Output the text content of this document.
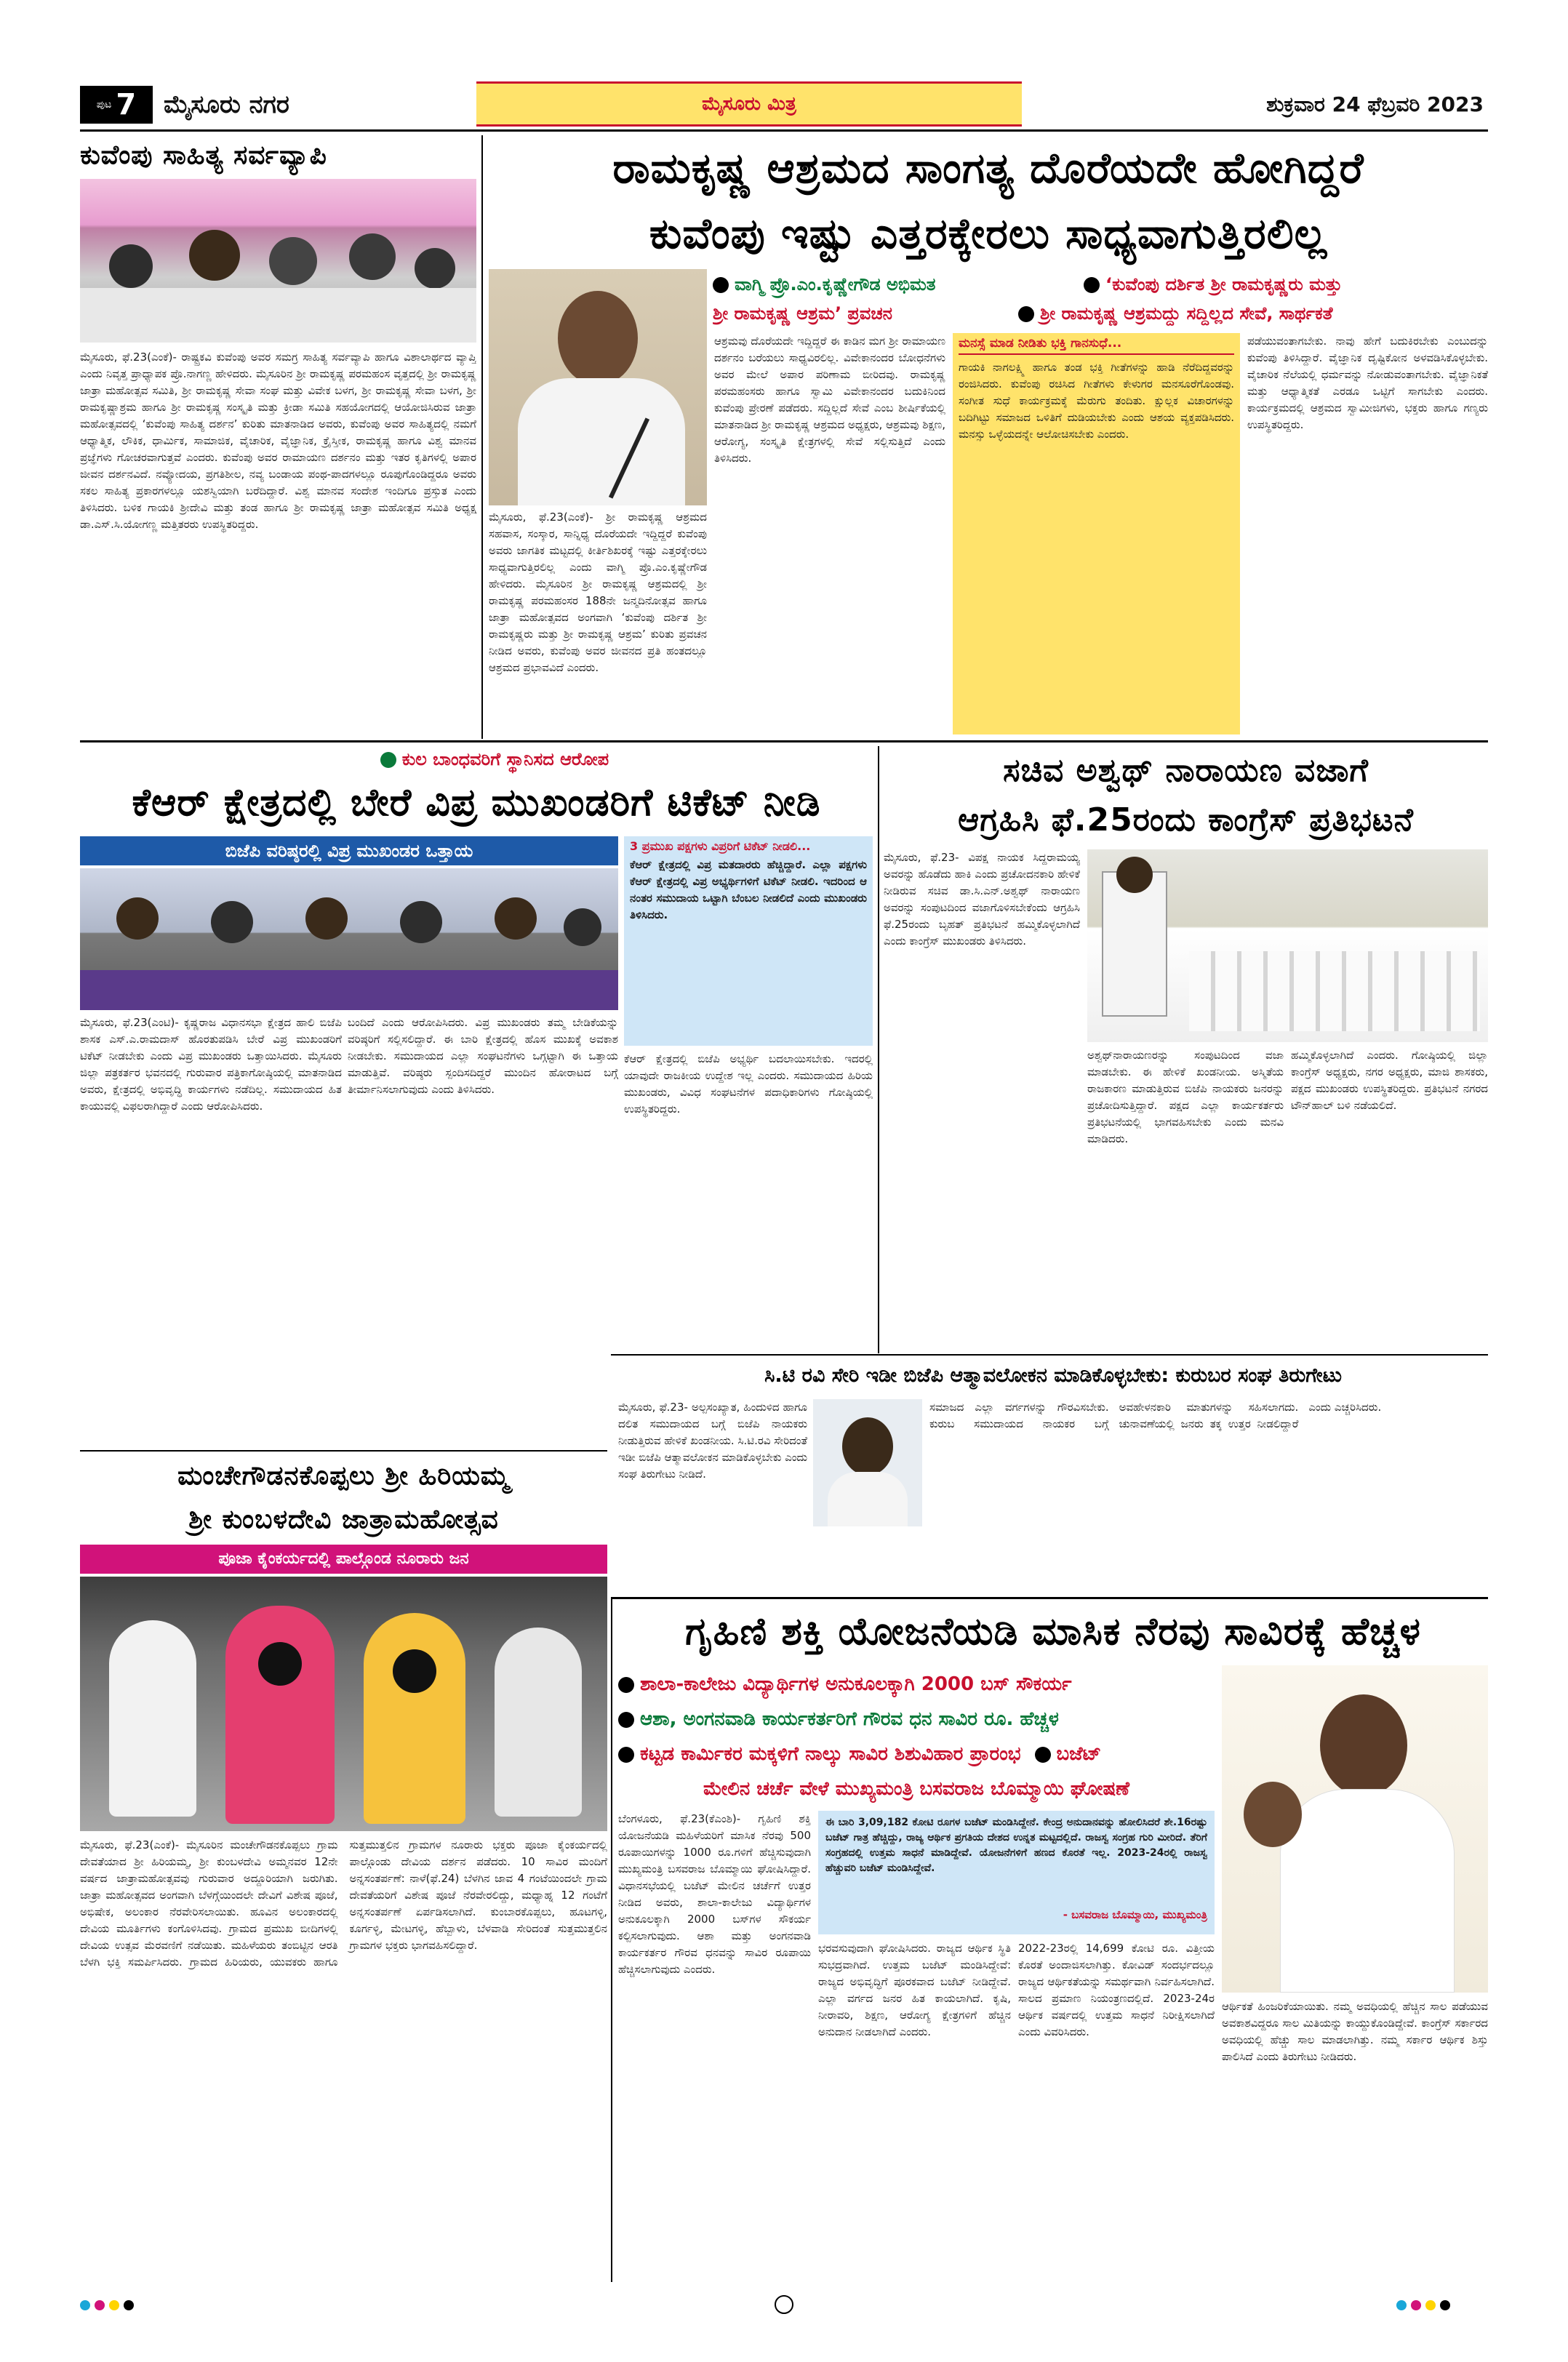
ಪುಟ 7 ಮೈಸೂರು ನಗರ	ಮೈಸೂರು ಮಿತ್ರ	ಶುಕ್ರವಾರ 24 ಫೆಬ್ರವರಿ 2023
ಕುವೆಂಪು ಸಾಹಿತ್ಯ ಸರ್ವವ್ಯಾಪಿ
ಮೈಸೂರು, ಫೆ.23(ಎಂಕೆ)- ರಾಷ್ಟ್ರಕವಿ ಕುವೆಂಪು ಅವರ ಸಮಗ್ರ ಸಾಹಿತ್ಯ ಸರ್ವವ್ಯಾಪಿ ಹಾಗೂ ವಿಶಾಲಾರ್ಥದ ವ್ಯಾಪ್ತಿ ಎಂದು ನಿವೃತ್ತ ಪ್ರಾಧ್ಯಾಪಕ ಪ್ರೊ.ನಾಗಣ್ಣ ಹೇಳಿದರು. ಮೈಸೂರಿನ ಶ್ರೀ ರಾಮಕೃಷ್ಣ ಪರಮಹಂಸ ವೃತ್ತದಲ್ಲಿ ಶ್ರೀ ರಾಮಕೃಷ್ಣ ಜಾತ್ರಾ ಮಹೋತ್ಸವ ಸಮಿತಿ, ಶ್ರೀ ರಾಮಕೃಷ್ಣ ಸೇವಾ ಸಂಘ ಮತ್ತು ವಿವೇಕ ಬಳಗ, ಶ್ರೀ ರಾಮಕೃಷ್ಣ ಸೇವಾ ಬಳಗ, ಶ್ರೀ ರಾಮಕೃಷ್ಣಾಶ್ರಮ ಹಾಗೂ ಶ್ರೀ ರಾಮಕೃಷ್ಣ ಸಂಸ್ಕೃತಿ ಮತ್ತು ಕ್ರೀಡಾ ಸಮಿತಿ ಸಹಯೋಗದಲ್ಲಿ ಆಯೋಜಿಸಿರುವ ಜಾತ್ರಾ ಮಹೋತ್ಸವದಲ್ಲಿ ‘ಕುವೆಂಪು ಸಾಹಿತ್ಯ ದರ್ಶನ’ ಕುರಿತು ಮಾತನಾಡಿದ ಅವರು, ಕುವೆಂಪು ಅವರ ಸಾಹಿತ್ಯದಲ್ಲಿ ನಮಗೆ ಆಧ್ಯಾತ್ಮಿಕ, ಲೌಕಿಕ, ಧಾರ್ಮಿಕ, ಸಾಮಾಜಿಕ, ವೈಚಾರಿಕ, ವೈಜ್ಞಾನಿಕ, ಕ್ರೈಸ್ತೀಕ, ರಾಮಕೃಷ್ಣ ಹಾಗೂ ವಿಶ್ವ ಮಾನವ ಪ್ರಜ್ಞೆಗಳು ಗೋಚರವಾಗುತ್ತವೆ ಎಂದರು. ಕುವೆಂಪು ಅವರ ರಾಮಾಯಣ ದರ್ಶನಂ ಮತ್ತು ಇತರ ಕೃತಿಗಳಲ್ಲಿ ಅಪಾರ ಜೀವನ ದರ್ಶನವಿದೆ. ನವ್ಯೋದಯ, ಪ್ರಗತಿಶೀಲ, ನವ್ಯ ಬಂಡಾಯ ಪಂಥ-ಪಾದಗಳಲ್ಲೂ ರೂಪುಗೊಂಡಿದ್ದರೂ ಅವರು ಸಕಲ ಸಾಹಿತ್ಯ ಪ್ರಕಾರಗಳಲ್ಲೂ ಯಶಸ್ವಿಯಾಗಿ ಬರೆದಿದ್ದಾರೆ. ವಿಶ್ವ ಮಾನವ ಸಂದೇಶ ಇಂದಿಗೂ ಪ್ರಸ್ತುತ ಎಂದು ತಿಳಿಸಿದರು. ಬಳಿಕ ಗಾಯಕಿ ಶ್ರೀದೇವಿ ಮತ್ತು ತಂಡ ಹಾಗೂ ಶ್ರೀ ರಾಮಕೃಷ್ಣ ಜಾತ್ರಾ ಮಹೋತ್ಸವ ಸಮಿತಿ ಅಧ್ಯಕ್ಷ ಡಾ.ಎಸ್.ಸಿ.ಯೋಗಣ್ಣ ಮತ್ತಿತರರು ಉಪಸ್ಥಿತರಿದ್ದರು.
ರಾಮಕೃಷ್ಣ ಆಶ್ರಮದ ಸಾಂಗತ್ಯ ದೊರೆಯದೇ ಹೋಗಿದ್ದರೆ
ಕುವೆಂಪು ಇಷ್ಟು ಎತ್ತರಕ್ಕೇರಲು ಸಾಧ್ಯವಾಗುತ್ತಿರಲಿಲ್ಲ
ವಾಗ್ಮಿ ಪ್ರೊ.ಎಂ.ಕೃಷ್ಣೇಗೌಡ ಅಭಿಮತ	‘ಕುವೆಂಪು ದರ್ಶಿತ ಶ್ರೀ ರಾಮಕೃಷ್ಣರು ಮತ್ತು
ಶ್ರೀ ರಾಮಕೃಷ್ಣ ಆಶ್ರಮ’ ಪ್ರವಚನ	ಶ್ರೀ ರಾಮಕೃಷ್ಣ ಆಶ್ರಮದ್ದು ಸದ್ದಿಲ್ಲದ ಸೇವೆ, ಸಾರ್ಥಕತೆ
ಮೈಸೂರು, ಫೆ.23(ಎಂಕೆ)- ಶ್ರೀ ರಾಮಕೃಷ್ಣ ಆಶ್ರಮದ ಸಹವಾಸ, ಸಂಸ್ಕಾರ, ಸಾನ್ನಿಧ್ಯ ದೊರೆಯದೇ ಇದ್ದಿದ್ದರೆ ಕುವೆಂಪು ಅವರು ಜಾಗತಿಕ ಮಟ್ಟದಲ್ಲಿ ಕೀರ್ತಿಶಿಖರಕ್ಕೆ ಇಷ್ಟು ಎತ್ತರಕ್ಕೇರಲು ಸಾಧ್ಯವಾಗುತ್ತಿರಲಿಲ್ಲ ಎಂದು ವಾಗ್ಮಿ ಪ್ರೊ.ಎಂ.ಕೃಷ್ಣೇಗೌಡ ಹೇಳಿದರು. ಮೈಸೂರಿನ ಶ್ರೀ ರಾಮಕೃಷ್ಣ ಆಶ್ರಮದಲ್ಲಿ ಶ್ರೀ ರಾಮಕೃಷ್ಣ ಪರಮಹಂಸರ 188ನೇ ಜನ್ಮದಿನೋತ್ಸವ ಹಾಗೂ ಜಾತ್ರಾ ಮಹೋತ್ಸವದ ಅಂಗವಾಗಿ ‘ಕುವೆಂಪು ದರ್ಶಿತ ಶ್ರೀ ರಾಮಕೃಷ್ಣರು ಮತ್ತು ಶ್ರೀ ರಾಮಕೃಷ್ಣ ಆಶ್ರಮ’ ಕುರಿತು ಪ್ರವಚನ ನೀಡಿದ ಅವರು, ಕುವೆಂಪು ಅವರ ಜೀವನದ ಪ್ರತಿ ಹಂತದಲ್ಲೂ ಆಶ್ರಮದ ಪ್ರಭಾವವಿದೆ ಎಂದರು.
ಆಶ್ರಮವು ದೊರೆಯದೇ ಇದ್ದಿದ್ದರೆ ಈ ಕಾಡಿನ ಮಗ ಶ್ರೀ ರಾಮಾಯಣ ದರ್ಶನಂ ಬರೆಯಲು ಸಾಧ್ಯವಿರಲಿಲ್ಲ. ವಿವೇಕಾನಂದರ ಬೋಧನೆಗಳು ಅವರ ಮೇಲೆ ಅಪಾರ ಪರಿಣಾಮ ಬೀರಿದವು. ರಾಮಕೃಷ್ಣ ಪರಮಹಂಸರು ಹಾಗೂ ಸ್ವಾಮಿ ವಿವೇಕಾನಂದರ ಬದುಕಿನಿಂದ ಕುವೆಂಪು ಪ್ರೇರಣೆ ಪಡೆದರು. ಸದ್ದಿಲ್ಲದೆ ಸೇವೆ ಎಂಬ ಶೀರ್ಷಿಕೆಯಲ್ಲಿ ಮಾತನಾಡಿದ ಶ್ರೀ ರಾಮಕೃಷ್ಣ ಆಶ್ರಮದ ಅಧ್ಯಕ್ಷರು, ಆಶ್ರಮವು ಶಿಕ್ಷಣ, ಆರೋಗ್ಯ, ಸಂಸ್ಕೃತಿ ಕ್ಷೇತ್ರಗಳಲ್ಲಿ ಸೇವೆ ಸಲ್ಲಿಸುತ್ತಿದೆ ಎಂದು ತಿಳಿಸಿದರು.
ಮನಸ್ಸೆ ಮಾಡ ನೀಡಿತು ಭಕ್ತಿ ಗಾನಸುಧೆ...
ಗಾಯಕಿ ನಾಗಲಕ್ಷ್ಮಿ ಹಾಗೂ ತಂಡ ಭಕ್ತಿ ಗೀತೆಗಳನ್ನು ಹಾಡಿ ನೆರೆದಿದ್ದವರನ್ನು ರಂಜಿಸಿದರು. ಕುವೆಂಪು ರಚಿಸಿದ ಗೀತೆಗಳು ಕೇಳುಗರ ಮನಸೂರೆಗೊಂಡವು. ಸಂಗೀತ ಸುಧೆ ಕಾರ್ಯಕ್ರಮಕ್ಕೆ ಮೆರುಗು ತಂದಿತು. ಕ್ಷುಲ್ಲಕ ವಿಚಾರಗಳನ್ನು ಬದಿಗಿಟ್ಟು ಸಮಾಜದ ಒಳಿತಿಗೆ ದುಡಿಯಬೇಕು ಎಂದು ಆಶಯ ವ್ಯಕ್ತಪಡಿಸಿದರು. ಮನಸ್ಸು ಒಳ್ಳೆಯದನ್ನೇ ಆಲೋಚಿಸಬೇಕು ಎಂದರು.
ಪಡೆಯುವಂತಾಗಬೇಕು. ನಾವು ಹೇಗೆ ಬದುಕಿರಬೇಕು ಎಂಬುದನ್ನು ಕುವೆಂಪು ತಿಳಿಸಿದ್ದಾರೆ. ವೈಜ್ಞಾನಿಕ ದೃಷ್ಟಿಕೋನ ಅಳವಡಿಸಿಕೊಳ್ಳಬೇಕು. ವೈಚಾರಿಕ ನೆಲೆಯಲ್ಲಿ ಧರ್ಮವನ್ನು ನೋಡುವಂತಾಗಬೇಕು. ವೈಜ್ಞಾನಿಕತೆ ಮತ್ತು ಆಧ್ಯಾತ್ಮಿಕತೆ ಎರಡೂ ಒಟ್ಟಿಗೆ ಸಾಗಬೇಕು ಎಂದರು. ಕಾರ್ಯಕ್ರಮದಲ್ಲಿ ಆಶ್ರಮದ ಸ್ವಾಮೀಜಿಗಳು, ಭಕ್ತರು ಹಾಗೂ ಗಣ್ಯರು ಉಪಸ್ಥಿತರಿದ್ದರು.
ಕುಲ ಬಾಂಧವರಿಗೆ ಸ್ಥಾನಿಸದ ಆರೋಪ
ಕೆಆರ್ ಕ್ಷೇತ್ರದಲ್ಲಿ ಬೇರೆ ವಿಪ್ರ ಮುಖಂಡರಿಗೆ ಟಿಕೆಟ್ ನೀಡಿ
ಬಿಜೆಪಿ ವರಿಷ್ಠರಲ್ಲಿ ವಿಪ್ರ ಮುಖಂಡರ ಒತ್ತಾಯ	3 ಪ್ರಮುಖ ಪಕ್ಷಗಳು ವಿಪ್ರರಿಗೆ ಟಿಕೆಟ್ ನೀಡಲಿ...
ಕೆಆರ್ ಕ್ಷೇತ್ರದಲ್ಲಿ ವಿಪ್ರ ಮತದಾರರು ಹೆಚ್ಚಿದ್ದಾರೆ. ಎಲ್ಲಾ ಪಕ್ಷಗಳು ಕೆಆರ್ ಕ್ಷೇತ್ರದಲ್ಲಿ ವಿಪ್ರ ಅಭ್ಯರ್ಥಿಗಳಿಗೆ ಟಿಕೆಟ್ ನೀಡಲಿ. ಇದರಿಂದ ಆ ನಂತರ ಸಮುದಾಯ ಒಟ್ಟಾಗಿ ಬೆಂಬಲ ನೀಡಲಿದೆ ಎಂದು ಮುಖಂಡರು ತಿಳಿಸಿದರು.
ಮೈಸೂರು, ಫೆ.23(ಎಂಟಿ)- ಕೃಷ್ಣರಾಜ ವಿಧಾನಸಭಾ ಕ್ಷೇತ್ರದ ಹಾಲಿ ಬಿಜೆಪಿ ಶಾಸಕ ಎಸ್.ಎ.ರಾಮದಾಸ್ ಹೊರತುಪಡಿಸಿ ಬೇರೆ ವಿಪ್ರ ಮುಖಂಡರಿಗೆ ಟಿಕೆಟ್ ನೀಡಬೇಕು ಎಂದು ವಿಪ್ರ ಮುಖಂಡರು ಒತ್ತಾಯಿಸಿದರು. ಮೈಸೂರು ಜಿಲ್ಲಾ ಪತ್ರಕರ್ತರ ಭವನದಲ್ಲಿ ಗುರುವಾರ ಪತ್ರಿಕಾಗೋಷ್ಠಿಯಲ್ಲಿ ಮಾತನಾಡಿದ ಅವರು, ಕ್ಷೇತ್ರದಲ್ಲಿ ಅಭಿವೃದ್ಧಿ ಕಾರ್ಯಗಳು ನಡೆದಿಲ್ಲ. ಸಮುದಾಯದ ಹಿತ ಕಾಯುವಲ್ಲಿ ವಿಫಲರಾಗಿದ್ದಾರೆ ಎಂದು ಆರೋಪಿಸಿದರು.
ಬಂದಿದೆ ಎಂದು ಆರೋಪಿಸಿದರು. ವಿಪ್ರ ಮುಖಂಡರು ತಮ್ಮ ಬೇಡಿಕೆಯನ್ನು ವರಿಷ್ಠರಿಗೆ ಸಲ್ಲಿಸಲಿದ್ದಾರೆ. ಈ ಬಾರಿ ಕ್ಷೇತ್ರದಲ್ಲಿ ಹೊಸ ಮುಖಕ್ಕೆ ಅವಕಾಶ ನೀಡಬೇಕು. ಸಮುದಾಯದ ಎಲ್ಲಾ ಸಂಘಟನೆಗಳು ಒಗ್ಗಟ್ಟಾಗಿ ಈ ಒತ್ತಾಯ ಮಾಡುತ್ತಿವೆ. ವರಿಷ್ಠರು ಸ್ಪಂದಿಸದಿದ್ದರೆ ಮುಂದಿನ ಹೋರಾಟದ ಬಗ್ಗೆ ತೀರ್ಮಾನಿಸಲಾಗುವುದು ಎಂದು ತಿಳಿಸಿದರು.
ಕೆಆರ್ ಕ್ಷೇತ್ರದಲ್ಲಿ ಬಿಜೆಪಿ ಅಭ್ಯರ್ಥಿ ಬದಲಾಯಿಸಬೇಕು. ಇದರಲ್ಲಿ ಯಾವುದೇ ರಾಜಕೀಯ ಉದ್ದೇಶ ಇಲ್ಲ ಎಂದರು. ಸಮುದಾಯದ ಹಿರಿಯ ಮುಖಂಡರು, ವಿವಿಧ ಸಂಘಟನೆಗಳ ಪದಾಧಿಕಾರಿಗಳು ಗೋಷ್ಠಿಯಲ್ಲಿ ಉಪಸ್ಥಿತರಿದ್ದರು.
ಸಚಿವ ಅಶ್ವಥ್ ನಾರಾಯಣ ವಜಾಗೆ
ಆಗ್ರಹಿಸಿ ಫೆ.25ರಂದು ಕಾಂಗ್ರೆಸ್ ಪ್ರತಿಭಟನೆ
ಮೈಸೂರು, ಫೆ.23- ವಿಪಕ್ಷ ನಾಯಕ ಸಿದ್ದರಾಮಯ್ಯ ಅವರನ್ನು ಹೊಡೆದು ಹಾಕಿ ಎಂದು ಪ್ರಚೋದನಕಾರಿ ಹೇಳಿಕೆ ನೀಡಿರುವ ಸಚಿವ ಡಾ.ಸಿ.ಎನ್.ಅಶ್ವಥ್ ನಾರಾಯಣ ಅವರನ್ನು ಸಂಪುಟದಿಂದ ವಜಾಗೊಳಿಸಬೇಕೆಂದು ಆಗ್ರಹಿಸಿ ಫೆ.25ರಂದು ಬೃಹತ್ ಪ್ರತಿಭಟನೆ ಹಮ್ಮಿಕೊಳ್ಳಲಾಗಿದೆ ಎಂದು ಕಾಂಗ್ರೆಸ್ ಮುಖಂಡರು ತಿಳಿಸಿದರು.
ಅಶ್ವಥ್‌ನಾರಾಯಣರನ್ನು ಸಂಪುಟದಿಂದ ವಜಾ ಮಾಡಬೇಕು. ಈ ಹೇಳಿಕೆ ಖಂಡನೀಯ. ಅಸ್ಮಿತೆಯ ರಾಜಕಾರಣ ಮಾಡುತ್ತಿರುವ ಬಿಜೆಪಿ ನಾಯಕರು ಜನರನ್ನು ಪ್ರಚೋದಿಸುತ್ತಿದ್ದಾರೆ. ಪಕ್ಷದ ಎಲ್ಲಾ ಕಾರ್ಯಕರ್ತರು ಪ್ರತಿಭಟನೆಯಲ್ಲಿ ಭಾಗವಹಿಸಬೇಕು ಎಂದು ಮನವಿ ಮಾಡಿದರು.
ಹಮ್ಮಿಕೊಳ್ಳಲಾಗಿದೆ ಎಂದರು. ಗೋಷ್ಠಿಯಲ್ಲಿ ಜಿಲ್ಲಾ ಕಾಂಗ್ರೆಸ್ ಅಧ್ಯಕ್ಷರು, ನಗರ ಅಧ್ಯಕ್ಷರು, ಮಾಜಿ ಶಾಸಕರು, ಪಕ್ಷದ ಮುಖಂಡರು ಉಪಸ್ಥಿತರಿದ್ದರು. ಪ್ರತಿಭಟನೆ ನಗರದ ಟೌನ್‌ಹಾಲ್ ಬಳಿ ನಡೆಯಲಿದೆ.
ಸಿ.ಟಿ ರವಿ ಸೇರಿ ಇಡೀ ಬಿಜೆಪಿ ಆತ್ಮಾವಲೋಕನ ಮಾಡಿಕೊಳ್ಳಬೇಕು: ಕುರುಬರ ಸಂಘ ತಿರುಗೇಟು
ಮೈಸೂರು, ಫೆ.23- ಅಲ್ಪಸಂಖ್ಯಾತ, ಹಿಂದುಳಿದ ಹಾಗೂ ದಲಿತ ಸಮುದಾಯದ ಬಗ್ಗೆ ಬಿಜೆಪಿ ನಾಯಕರು ನೀಡುತ್ತಿರುವ ಹೇಳಿಕೆ ಖಂಡನೀಯ. ಸಿ.ಟಿ.ರವಿ ಸೇರಿದಂತೆ ಇಡೀ ಬಿಜೆಪಿ ಆತ್ಮಾವಲೋಕನ ಮಾಡಿಕೊಳ್ಳಬೇಕು ಎಂದು ಸಂಘ ತಿರುಗೇಟು ನೀಡಿದೆ.
ಸಮಾಜದ ಎಲ್ಲಾ ವರ್ಗಗಳನ್ನು ಗೌರವಿಸಬೇಕು. ಕುರುಬ ಸಮುದಾಯದ ನಾಯಕರ ಬಗ್ಗೆ ಅವಹೇಳನಕಾರಿ ಮಾತುಗಳನ್ನು ಸಹಿಸಲಾಗದು. ಚುನಾವಣೆಯಲ್ಲಿ ಜನರು ತಕ್ಕ ಉತ್ತರ ನೀಡಲಿದ್ದಾರೆ ಎಂದು ಎಚ್ಚರಿಸಿದರು.
ಮಂಚೇಗೌಡನಕೊಪ್ಪಲು ಶ್ರೀ ಹಿರಿಯಮ್ಮ
ಶ್ರೀ ಕುಂಬಳದೇವಿ ಜಾತ್ರಾಮಹೋತ್ಸವ
ಪೂಜಾ ಕೈಂಕರ್ಯದಲ್ಲಿ ಪಾಲ್ಗೊಂಡ ನೂರಾರು ಜನ
ಮೈಸೂರು, ಫೆ.23(ಎಂಕೆ)- ಮೈಸೂರಿನ ಮಂಚೇಗೌಡನಕೊಪ್ಪಲು ಗ್ರಾಮ ದೇವತೆಯಾದ ಶ್ರೀ ಹಿರಿಯಮ್ಮ, ಶ್ರೀ ಕುಂಬಳದೇವಿ ಅಮ್ಮನವರ 12ನೇ ವರ್ಷದ ಜಾತ್ರಾಮಹೋತ್ಸವವು ಗುರುವಾರ ಅದ್ದೂರಿಯಾಗಿ ಜರುಗಿತು. ಜಾತ್ರಾ ಮಹೋತ್ಸವದ ಅಂಗವಾಗಿ ಬೆಳಗ್ಗೆಯಿಂದಲೇ ದೇವಿಗೆ ವಿಶೇಷ ಪೂಜೆ, ಅಭಿಷೇಕ, ಅಲಂಕಾರ ನೆರವೇರಿಸಲಾಯಿತು. ಹೂವಿನ ಅಲಂಕಾರದಲ್ಲಿ ದೇವಿಯ ಮೂರ್ತಿಗಳು ಕಂಗೊಳಿಸಿದವು. ಗ್ರಾಮದ ಪ್ರಮುಖ ಬೀದಿಗಳಲ್ಲಿ ದೇವಿಯ ಉತ್ಸವ ಮೆರವಣಿಗೆ ನಡೆಯಿತು. ಮಹಿಳೆಯರು ತಂಬಿಟ್ಟಿನ ಆರತಿ ಬೆಳಗಿ ಭಕ್ತಿ ಸಮರ್ಪಿಸಿದರು. ಗ್ರಾಮದ ಹಿರಿಯರು, ಯುವಕರು ಹಾಗೂ ಸುತ್ತಮುತ್ತಲಿನ ಗ್ರಾಮಗಳ ನೂರಾರು ಭಕ್ತರು ಪೂಜಾ ಕೈಂಕರ್ಯದಲ್ಲಿ ಪಾಲ್ಗೊಂಡು ದೇವಿಯ ದರ್ಶನ ಪಡೆದರು. 10 ಸಾವಿರ ಮಂದಿಗೆ ಅನ್ನಸಂತರ್ಪಣೆ: ನಾಳೆ(ಫೆ.24) ಬೆಳಗಿನ ಜಾವ 4 ಗಂಟೆಯಿಂದಲೇ ಗ್ರಾಮ ದೇವತೆಯರಿಗೆ ವಿಶೇಷ ಪೂಜೆ ನೆರವೇರಲಿದ್ದು, ಮಧ್ಯಾಹ್ನ 12 ಗಂಟೆಗೆ ಅನ್ನಸಂತರ್ಪಣೆ ಏರ್ಪಡಿಸಲಾಗಿದೆ. ಕುಂಬಾರಕೊಪ್ಪಲು, ಹೂಟಗಳ್ಳಿ, ಕೂರ್ಗಳ್ಳಿ, ಮೇಟಗಳ್ಳಿ, ಹೆಬ್ಬಾಳು, ಬೆಳವಾಡಿ ಸೇರಿದಂತೆ ಸುತ್ತಮುತ್ತಲಿನ ಗ್ರಾಮಗಳ ಭಕ್ತರು ಭಾಗವಹಿಸಲಿದ್ದಾರೆ.
ಗೃಹಿಣಿ ಶಕ್ತಿ ಯೋಜನೆಯಡಿ ಮಾಸಿಕ ನೆರವು ಸಾವಿರಕ್ಕೆ ಹೆಚ್ಚಳ
ಶಾಲಾ-ಕಾಲೇಜು ವಿದ್ಯಾರ್ಥಿಗಳ ಅನುಕೂಲಕ್ಕಾಗಿ 2000 ಬಸ್ ಸೌಕರ್ಯ
ಆಶಾ, ಅಂಗನವಾಡಿ ಕಾರ್ಯಕರ್ತರಿಗೆ ಗೌರವ ಧನ ಸಾವಿರ ರೂ. ಹೆಚ್ಚಳ
ಕಟ್ಟಡ ಕಾರ್ಮಿಕರ ಮಕ್ಕಳಿಗೆ ನಾಲ್ಕು ಸಾವಿರ ಶಿಶುವಿಹಾರ ಪ್ರಾರಂಭ ಬಜೆಟ್
ಮೇಲಿನ ಚರ್ಚೆ ವೇಳೆ ಮುಖ್ಯಮಂತ್ರಿ ಬಸವರಾಜ ಬೊಮ್ಮಾಯಿ ಘೋಷಣೆ
ಬೆಂಗಳೂರು, ಫೆ.23(ಕೆಎಂಶಿ)- ಗೃಹಿಣಿ ಶಕ್ತಿ ಯೋಜನೆಯಡಿ ಮಹಿಳೆಯರಿಗೆ ಮಾಸಿಕ ನೆರವು 500 ರೂಪಾಯಿಗಳನ್ನು 1000 ರೂ.ಗಳಿಗೆ ಹೆಚ್ಚಿಸುವುದಾಗಿ ಮುಖ್ಯಮಂತ್ರಿ ಬಸವರಾಜ ಬೊಮ್ಮಾಯಿ ಘೋಷಿಸಿದ್ದಾರೆ. ವಿಧಾನಸಭೆಯಲ್ಲಿ ಬಜೆಟ್ ಮೇಲಿನ ಚರ್ಚೆಗೆ ಉತ್ತರ ನೀಡಿದ ಅವರು, ಶಾಲಾ-ಕಾಲೇಜು ವಿದ್ಯಾರ್ಥಿಗಳ ಅನುಕೂಲಕ್ಕಾಗಿ 2000 ಬಸ್‌ಗಳ ಸೌಕರ್ಯ ಕಲ್ಪಿಸಲಾಗುವುದು. ಆಶಾ ಮತ್ತು ಅಂಗನವಾಡಿ ಕಾರ್ಯಕರ್ತರ ಗೌರವ ಧನವನ್ನು ಸಾವಿರ ರೂಪಾಯಿ ಹೆಚ್ಚಿಸಲಾಗುವುದು ಎಂದರು.
ಈ ಬಾರಿ 3,09,182 ಕೋಟಿ ರೂಗಳ ಬಜೆಟ್ ಮಂಡಿಸಿದ್ದೇನೆ. ಕೇಂದ್ರ ಅನುದಾನವನ್ನು ಹೋಲಿಸಿದರೆ ಶೇ.16ರಷ್ಟು ಬಜೆಟ್ ಗಾತ್ರ ಹೆಚ್ಚಿದ್ದು, ರಾಜ್ಯ ಆರ್ಥಿಕ ಪ್ರಗತಿಯ ದೇಶದ ಉನ್ನತ ಮಟ್ಟದಲ್ಲಿದೆ. ರಾಜಸ್ವ ಸಂಗ್ರಹ ಗುರಿ ಮೀರಿದೆ. ತೆರಿಗೆ ಸಂಗ್ರಹದಲ್ಲಿ ಉತ್ತಮ ಸಾಧನೆ ಮಾಡಿದ್ದೇವೆ. ಯೋಜನೆಗಳಿಗೆ ಹಣದ ಕೊರತೆ ಇಲ್ಲ. 2023-24ರಲ್ಲಿ ರಾಜಸ್ವ ಹೆಚ್ಚುವರಿ ಬಜೆಟ್ ಮಂಡಿಸಿದ್ದೇವೆ.
- ಬಸವರಾಜ ಬೊಮ್ಮಾಯಿ, ಮುಖ್ಯಮಂತ್ರಿ
ಭರವಸುವುದಾಗಿ ಘೋಷಿಸಿದರು. ರಾಜ್ಯದ ಆರ್ಥಿಕ ಸ್ಥಿತಿ ಸುಭದ್ರವಾಗಿದೆ. ಉತ್ತಮ ಬಜೆಟ್ ಮಂಡಿಸಿದ್ದೇವೆ: ರಾಜ್ಯದ ಅಭಿವೃದ್ಧಿಗೆ ಪೂರಕವಾದ ಬಜೆಟ್ ನೀಡಿದ್ದೇವೆ. ಎಲ್ಲಾ ವರ್ಗದ ಜನರ ಹಿತ ಕಾಯಲಾಗಿದೆ. ಕೃಷಿ, ನೀರಾವರಿ, ಶಿಕ್ಷಣ, ಆರೋಗ್ಯ ಕ್ಷೇತ್ರಗಳಿಗೆ ಹೆಚ್ಚಿನ ಅನುದಾನ ನೀಡಲಾಗಿದೆ ಎಂದರು.
2022-23ರಲ್ಲಿ 14,699 ಕೋಟಿ ರೂ. ವಿತ್ತೀಯ ಕೊರತೆ ಅಂದಾಜಿಸಲಾಗಿತ್ತು. ಕೋವಿಡ್ ಸಂದರ್ಭದಲ್ಲೂ ರಾಜ್ಯದ ಆರ್ಥಿಕತೆಯನ್ನು ಸಮರ್ಥವಾಗಿ ನಿರ್ವಹಿಸಲಾಗಿದೆ. ಸಾಲದ ಪ್ರಮಾಣ ನಿಯಂತ್ರಣದಲ್ಲಿದೆ. 2023-24ರ ಆರ್ಥಿಕ ವರ್ಷದಲ್ಲಿ ಉತ್ತಮ ಸಾಧನೆ ನಿರೀಕ್ಷಿಸಲಾಗಿದೆ ಎಂದು ವಿವರಿಸಿದರು.
ಆರ್ಥಿಕತೆ ಹಿಂಜರಿಕೆಯಾಯಿತು. ನಮ್ಮ ಅವಧಿಯಲ್ಲಿ ಹೆಚ್ಚಿನ ಸಾಲ ಪಡೆಯುವ ಅವಕಾಶವಿದ್ದರೂ ಸಾಲ ಮಿತಿಯನ್ನು ಕಾಯ್ದುಕೊಂಡಿದ್ದೇವೆ. ಕಾಂಗ್ರೆಸ್ ಸರ್ಕಾರದ ಅವಧಿಯಲ್ಲಿ ಹೆಚ್ಚು ಸಾಲ ಮಾಡಲಾಗಿತ್ತು. ನಮ್ಮ ಸರ್ಕಾರ ಆರ್ಥಿಕ ಶಿಸ್ತು ಪಾಲಿಸಿದೆ ಎಂದು ತಿರುಗೇಟು ನೀಡಿದರು.
